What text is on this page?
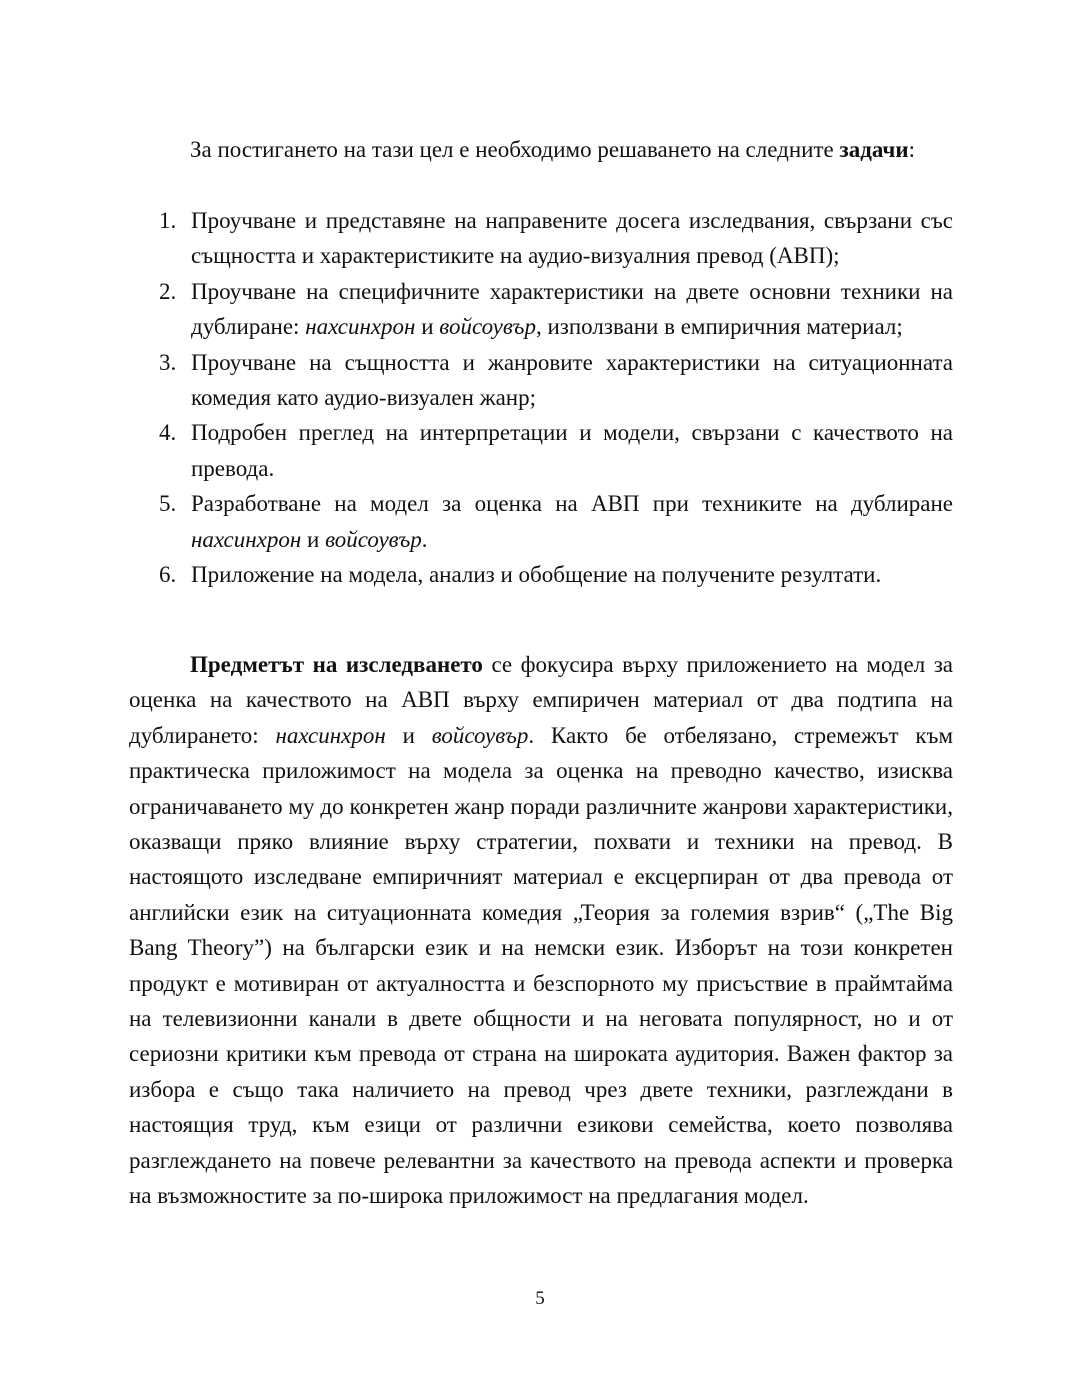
За постигането на тази цел е необходимо решаването на следните задачи:

1. Проучване и представяне на направените досега изследвания, свързани със същността и характеристиките на аудио-визуалния превод (АВП);
2. Проучване на специфичните характеристики на двете основни техники на дублиране: нахсинхрон и войсоувър, използвани в емпиричния материал;
3. Проучване на същността и жанровите характеристики на ситуационната комедия като аудио-визуален жанр;
4. Подробен преглед на интерпретации и модели, свързани с качеството на превода.
5. Разработване на модел за оценка на АВП при техниките на дублиране нахсинхрон и войсоувър.
6. Приложение на модела, анализ и обобщение на получените резултати.

Предметът на изследването се фокусира върху приложението на модел за оценка на качеството на АВП върху емпиричен материал от два подтипа на дублирането: нахсинхрон и войсоувър. Както бе отбелязано, стремежът към практическа приложимост на модела за оценка на преводно качество, изисква ограничаването му до конкретен жанр поради различните жанрови характеристики, оказващи пряко влияние върху стратегии, похвати и техники на превод. В настоящото изследване емпиричният материал е ексцерпиран от два превода от английски език на ситуационната комедия „Теория за големия взрив“ („The Big Bang Theory”) на български език и на немски език. Изборът на този конкретен продукт е мотивиран от актуалността и безспорното му присъствие в праймтайма на телевизионни канали в двете общности и на неговата популярност, но и от сериозни критики към превода от страна на широката аудитория. Важен фактор за избора е също така наличието на превод чрез двете техники, разглеждани в настоящия труд, към езици от различни езикови семейства, което позволява разглеждането на повече релевантни за качеството на превода аспекти и проверка на възможностите за по-широка приложимост на предлагания модел.

5
